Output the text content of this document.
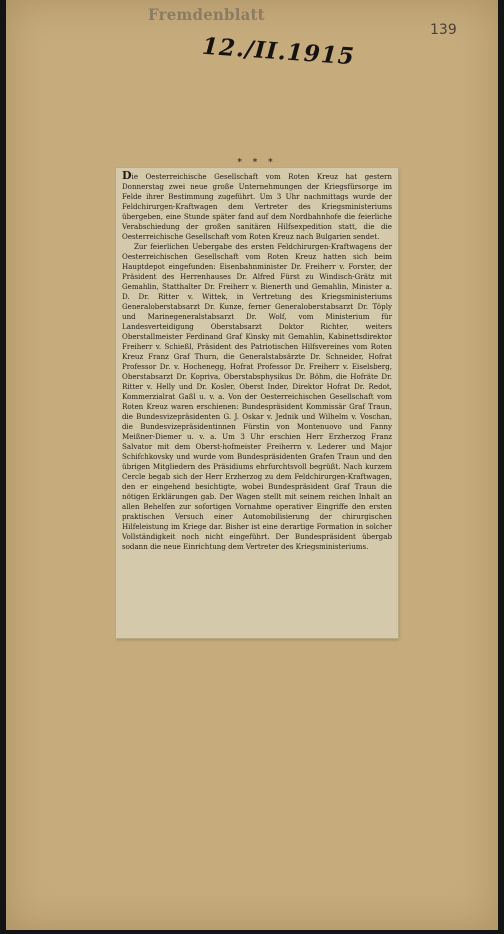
Fremdenblatt
139
12./II.1915
* * *

Die Oesterreichische Gesellschaft vom Roten Kreuz hat gestern Donnerstag zwei neue große Unternehmungen der Kriegsfürsorge im Felde ihrer Bestimmung zugeführt. Um 3 Uhr nachmittags wurde der Feldchirurgen-Kraftwagen dem Vertreter des Kriegsministeriums übergeben, eine Stunde später fand auf dem Nordbahnhofe die feierliche Verabschiedung der großen sanitären Hilfsexpedition statt, die die Oesterreichische Gesellschaft vom Roten Kreuz nach Bulgarien sendet.

Zur feierlichen Uebergabe des ersten Feldchirurgen-Kraftwagens der Oesterreichischen Gesellschaft vom Roten Kreuz hatten sich beim Hauptdepot eingefunden: Eisenbahnminister Dr. Freiherr v. Forster, der Präsident des Herrenhauses Dr. Alfred Fürst zu Windisch-Grätz mit Gemahlin, Statthalter Dr. Freiherr v. Bienerth und Gemahlin, Minister a. D. Dr. Ritter v. Wittek, in Vertretung des Kriegsministeriums Generaloberstabsarzt Dr. Kunze, ferner Generaloberstabsarzt Dr. Töply und Marinegeneralstabsarzt Dr. Wolf, vom Ministerium für Landesverteidigung Oberstabsarzt Doktor Richter, weiters Oberstallmeister Ferdinand Graf Kinsky mit Gemahlin, Kabinettsdirektor Freiherr v. Schießl, Präsident des Patriotischen Hilfsvereines vom Roten Kreuz Franz Graf Thurn, die Generalstabsärzte Dr. Schneider, Hofrat Professor Dr. v. Hochenegg, Hofrat Professor Dr. Freiherr v. Eiselsberg, Oberstabsarzt Dr. Kopriva, Oberstabsphysikus Dr. Böhm, die Hofräte Dr. Ritter v. Helly und Dr. Kosler, Oberst Inder, Direktor Hofrat Dr. Redot, Kommerzialrat Gaßl u. v. a. Von der Oesterreichischen Gesellschaft vom Roten Kreuz waren erschienen: Bundespräsident Kommissär Graf Traun, die Bundesvizepräsidenten G. J. Oskar v. Jednik und Wilhelm v. Voschan, die Bundesvizepräsidentinnen Fürstin von Montenuovo und Fanny Meißner-Diemer u. v. a. Um 3 Uhr erschien Herr Erzherzog Franz Salvator mit dem Oberst-hofmeister Freiherrn v. Lederer und Major Schifchkovsky und wurde vom Bundespräsidenten Grafen Traun und den übrigen Mitgliedern des Präsidiums ehrfurchtsvoll begrüßt. Nach kurzem Cercle begab sich der Herr Erzherzog zu dem Feldchirurgen-Kraftwagen, den er eingehend besichtigte, wobei Bundespräsident Graf Traun die nötigen Erklärungen gab. Der Wagen stellt mit seinem reichen Inhalt an allen Behelfen zur sofortigen Vornahme operativer Eingriffe den ersten praktischen Versuch einer Automobilisierung der chirurgischen Hilfeleistung im Kriege dar. Bisher ist eine derartige Formation in solcher Vollständigkeit noch nicht eingeführt. Der Bundespräsident übergab sodann die neue Einrichtung dem Vertreter des Kriegsministeriums.
